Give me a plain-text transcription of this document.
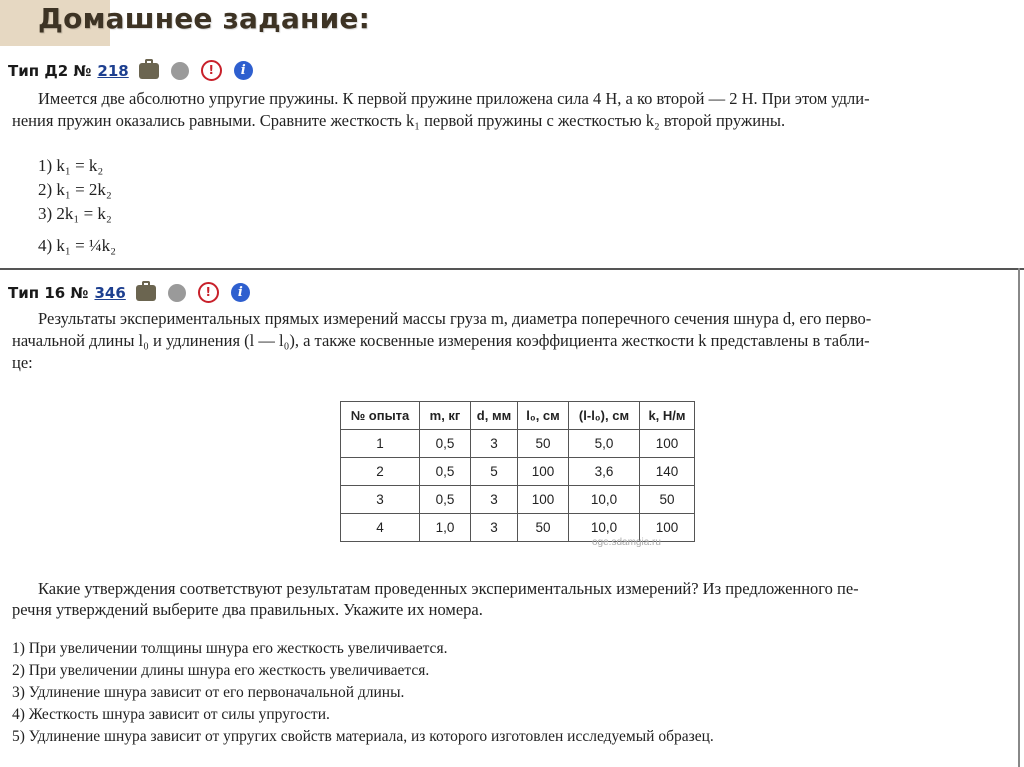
Домашнее задание:
Тип Д2 № 218	!	i
Имеется две абсолютно упругие пружины. К первой пружине приложена сила 4 Н, а ко второй — 2 Н. При этом удли-
нения пружин оказались равными. Сравните жесткость k₁ первой пружины с жесткостью k₂ второй пружины.
1) k₁ = k₂
2) k₁ = 2k₂
3) 2k₁ = k₂
4) k₁ = ¼k₂
Тип 16 № 346	!	i
Результаты экспериментальных прямых измерений массы груза m, диаметра поперечного сечения шнура d, его перво-
начальной длины l₀ и удлинения (l — l₀), а также косвенные измерения коэффициента жесткости k представлены в табли-
це:
№ опыта	m, кг	d, мм	l₀, см	(l-l₀), см	k, Н/м
1	0,5	3	50	5,0	100
2	0,5	5	100	3,6	140
3	0,5	3	100	10,0	50
4	1,0	3	50	10,0	100
oge.sdamgia.ru
Какие утверждения соответствуют результатам проведенных экспериментальных измерений? Из предложенного пе-
речня утверждений выберите два правильных. Укажите их номера.
1) При увеличении толщины шнура его жесткость увеличивается.
2) При увеличении длины шнура его жесткость увеличивается.
3) Удлинение шнура зависит от его первоначальной длины.
4) Жесткость шнура зависит от силы упругости.
5) Удлинение шнура зависит от упругих свойств материала, из которого изготовлен исследуемый образец.
